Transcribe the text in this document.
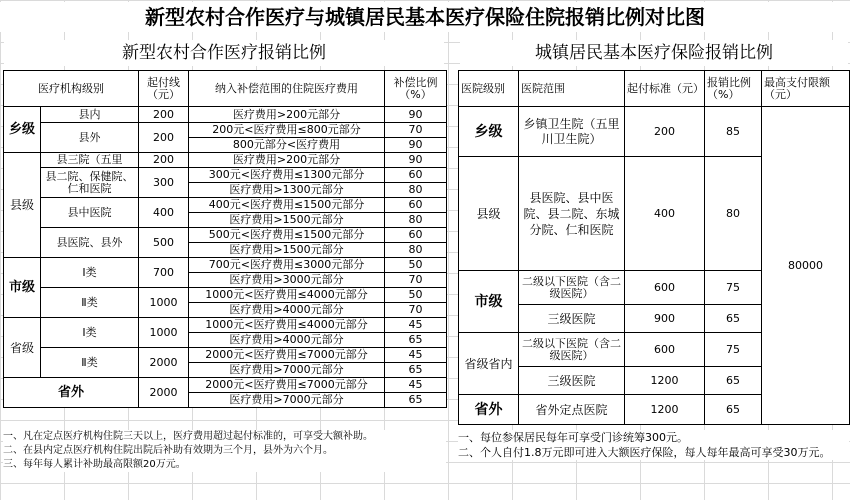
新型农村合作医疗与城镇居民基本医疗保险住院报销比例对比图
新型农村合作医疗报销比例	城镇居民基本医疗保险报销比例
医疗机构级别		起付线（元）	纳入补偿范围的住院医疗费用	补偿比例（%）
乡级	县内	200	医疗费用>200元部分	90
	县外	200	200元<医疗费用≤800元部分	70
			800元部分<医疗费用	90
县级	县三院（五里	200	医疗费用>200元部分	90
	县二院、保健院、仁和医院	300	300元<医疗费用≤1300元部分	60
			医疗费用>1300元部分	80
	县中医院	400	400元<医疗费用≤1500元部分	60
			医疗费用>1500元部分	80
	县医院、县外	500	500元<医疗费用≤1500元部分	60
			医疗费用>1500元部分	80
市级	Ⅰ类	700	700元<医疗费用≤3000元部分	50
			医疗费用>3000元部分	70
	Ⅱ类	1000	1000元<医疗费用≤4000元部分	50
			医疗费用>4000元部分	70
省级	Ⅰ类	1000	1000元<医疗费用≤4000元部分	45
			医疗费用>4000元部分	65
	Ⅱ类	2000	2000元<医疗费用≤7000元部分	45
			医疗费用>7000元部分	65
省外		2000	2000元<医疗费用≤7000元部分	45
			医疗费用>7000元部分	65
医院级别	医院范围	起付标准（元）	报销比例（%）	最高支付限额（元）
乡级	乡镇卫生院（五里川卫生院）	200	85	80000
县级	县医院、县中医院、县二院、东城分院、仁和医院	400	80	
市级	二级以下医院（含二级医院）	600	75	
	三级医院	900	65	
省级省内	二级以下医院（含二级医院）	600	75	
	三级医院	1200	65	
省外	省外定点医院	1200	65	
一、凡在定点医疗机构住院三天以上，医疗费用超过起付标准的，可享受大额补助。
二、在县内定点医疗机构住院出院后补助有效期为三个月，县外为六个月。
三、每年每人累计补助最高限额20万元。
一、每位参保居民每年可享受门诊统筹300元。
二、个人自付1.8万元即可进入大额医疗保险，每人每年最高可享受30万元。
